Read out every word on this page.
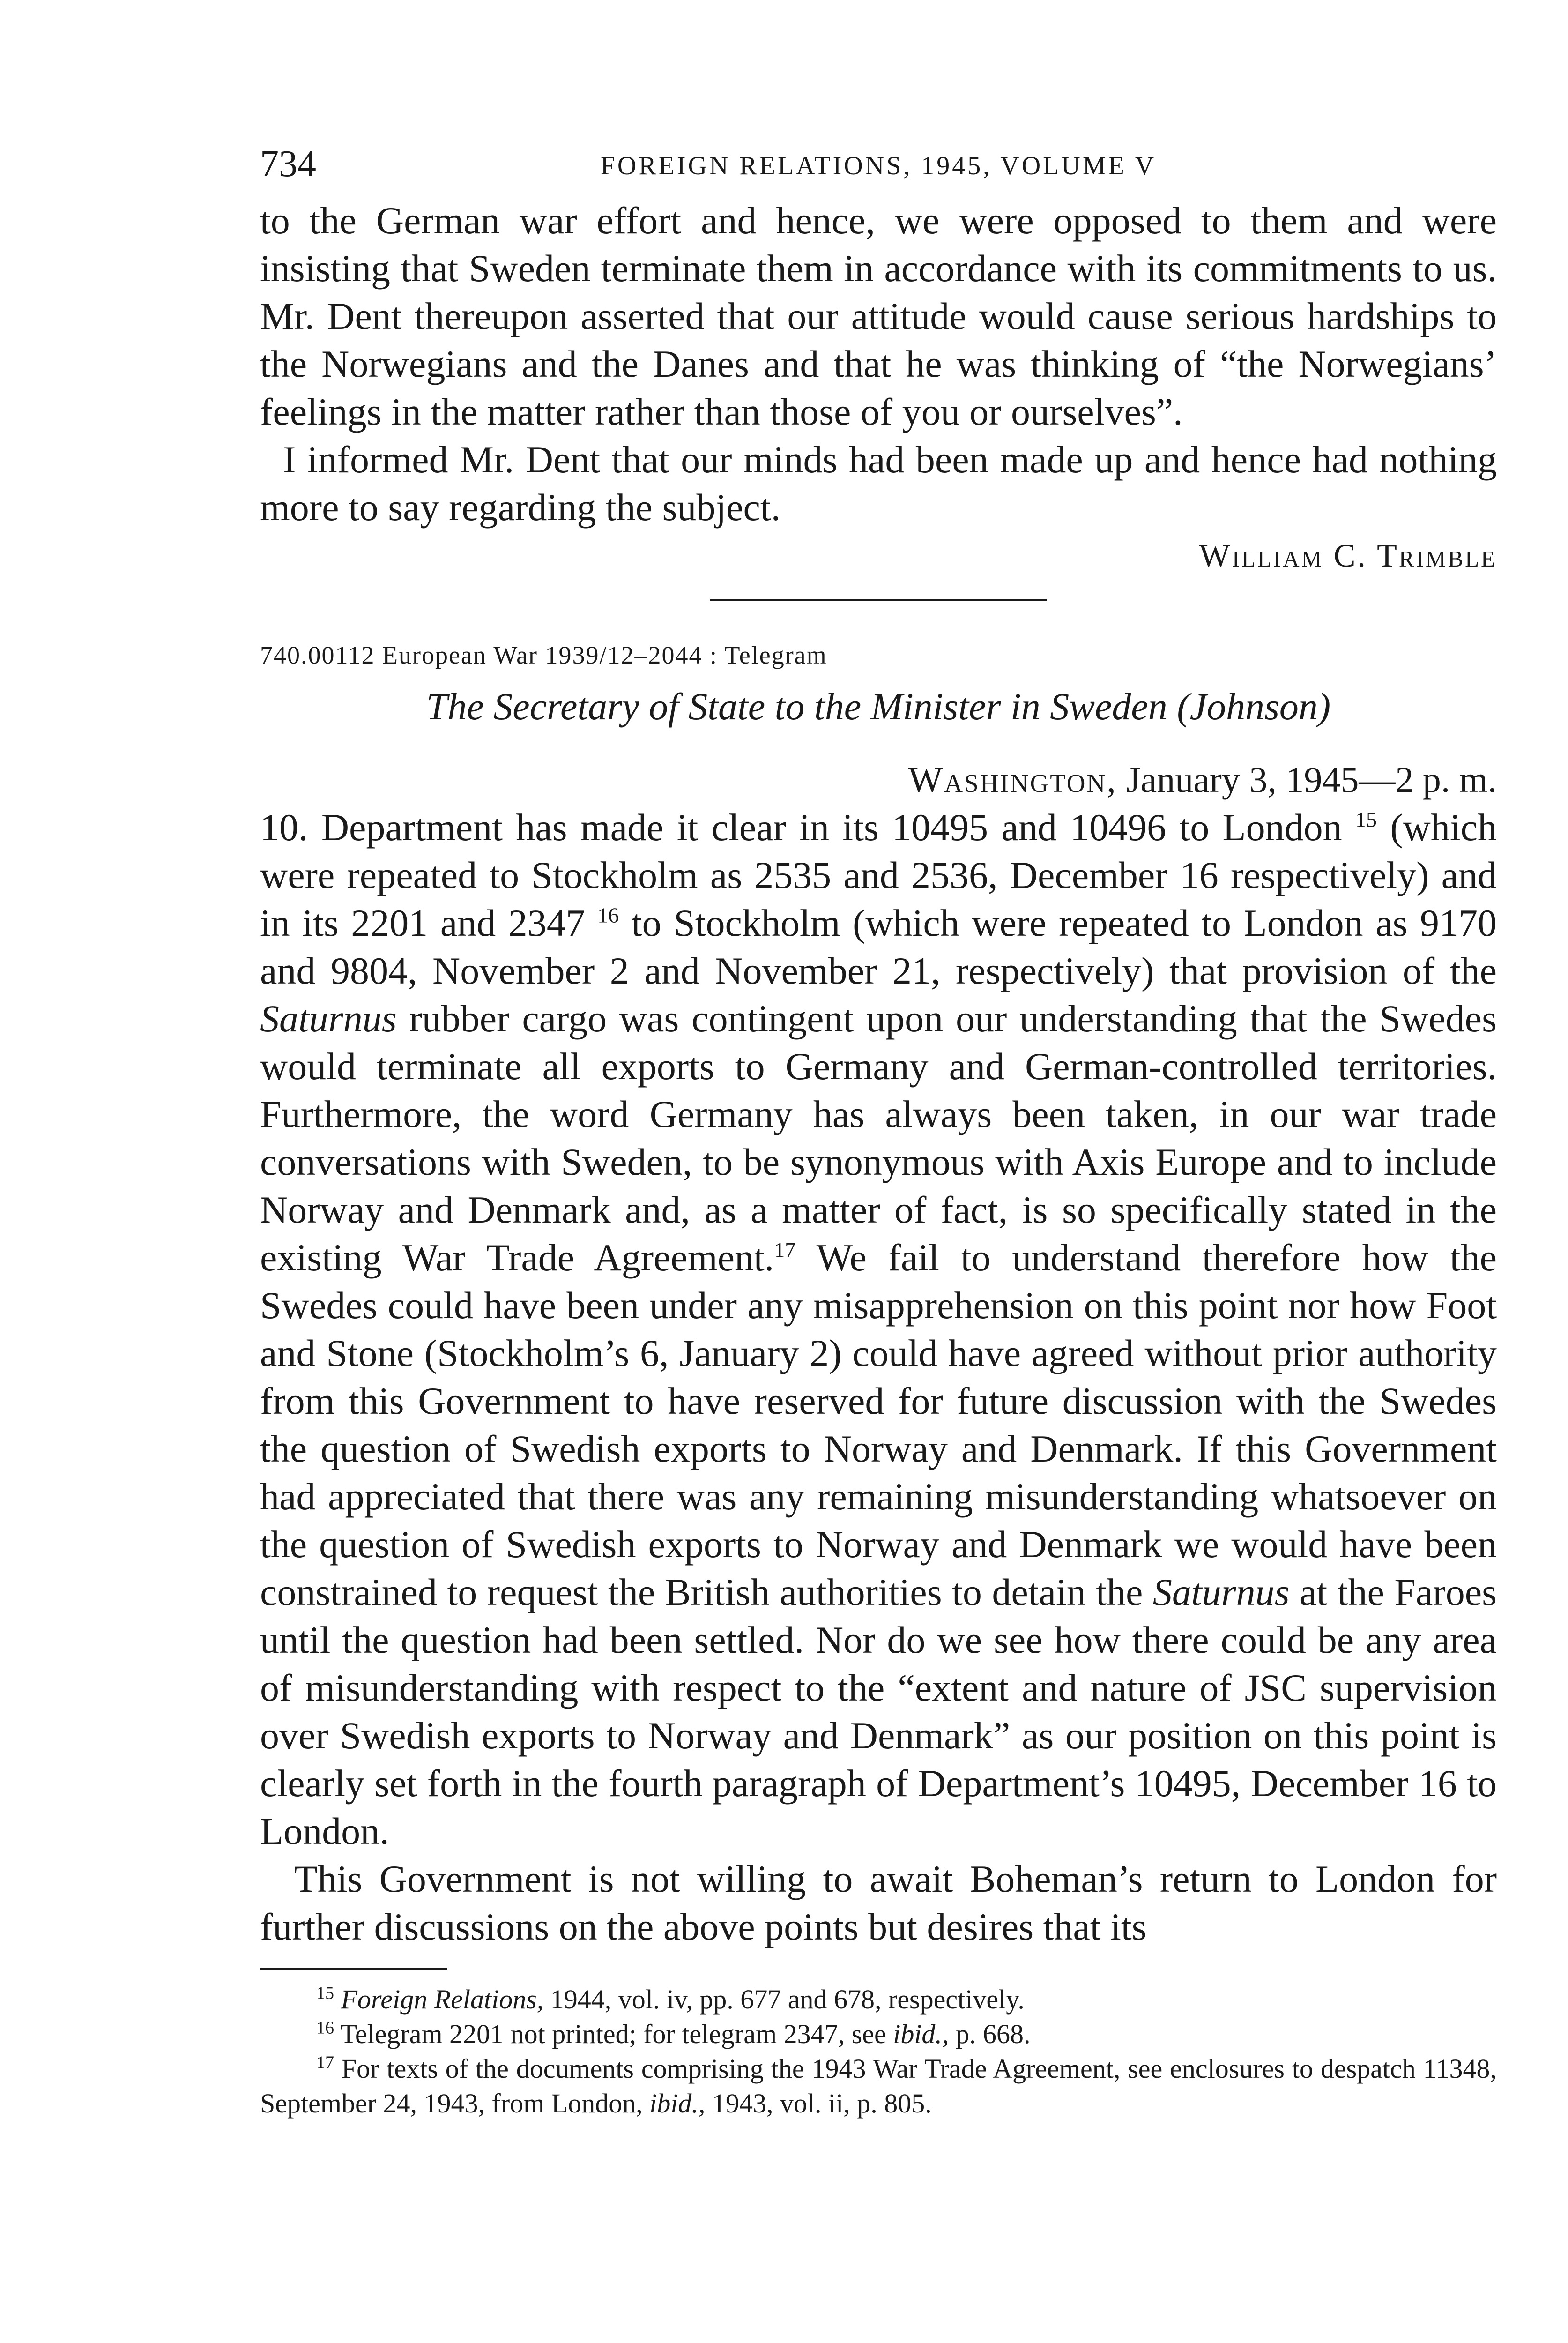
734	FOREIGN RELATIONS, 1945, VOLUME V

to the German war effort and hence, we were opposed to them and were insisting that Sweden terminate them in accordance with its commitments to us. Mr. Dent thereupon asserted that our attitude would cause serious hardships to the Norwegians and the Danes and that he was thinking of “the Norwegians’ feelings in the matter rather than those of you or ourselves”.

I informed Mr. Dent that our minds had been made up and hence had nothing more to say regarding the subject.

William C. Trimble

740.00112 European War 1939/12–2044 : Telegram

The Secretary of State to the Minister in Sweden (Johnson)

Washington, January 3, 1945—2 p. m.

10. Department has made it clear in its 10495 and 10496 to London $^{15}$ (which were repeated to Stockholm as 2535 and 2536, December 16 respectively) and in its 2201 and 2347 $^{16}$ to Stockholm (which were repeated to London as 9170 and 9804, November 2 and November 21, respectively) that provision of the Saturnus rubber cargo was contingent upon our understanding that the Swedes would terminate all exports to Germany and German-controlled territories. Furthermore, the word Germany has always been taken, in our war trade conversations with Sweden, to be synonymous with Axis Europe and to include Norway and Denmark and, as a matter of fact, is so specifically stated in the existing War Trade Agreement.$^{17}$ We fail to understand therefore how the Swedes could have been under any misapprehension on this point nor how Foot and Stone (Stockholm’s 6, January 2) could have agreed without prior authority from this Government to have reserved for future discussion with the Swedes the question of Swedish exports to Norway and Denmark. If this Government had appreciated that there was any remaining misunderstanding whatsoever on the question of Swedish exports to Norway and Denmark we would have been constrained to request the British authorities to detain the Saturnus at the Faroes until the question had been settled. Nor do we see how there could be any area of misunderstanding with respect to the “extent and nature of JSC supervision over Swedish exports to Norway and Denmark” as our position on this point is clearly set forth in the fourth paragraph of Department’s 10495, December 16 to London.

This Government is not willing to await Boheman’s return to London for further discussions on the above points but desires that its

$^{15}$ Foreign Relations, 1944, vol. iv, pp. 677 and 678, respectively.

$^{16}$ Telegram 2201 not printed; for telegram 2347, see ibid., p. 668.

$^{17}$ For texts of the documents comprising the 1943 War Trade Agreement, see enclosures to despatch 11348, September 24, 1943, from London, ibid., 1943, vol. ii, p. 805.
